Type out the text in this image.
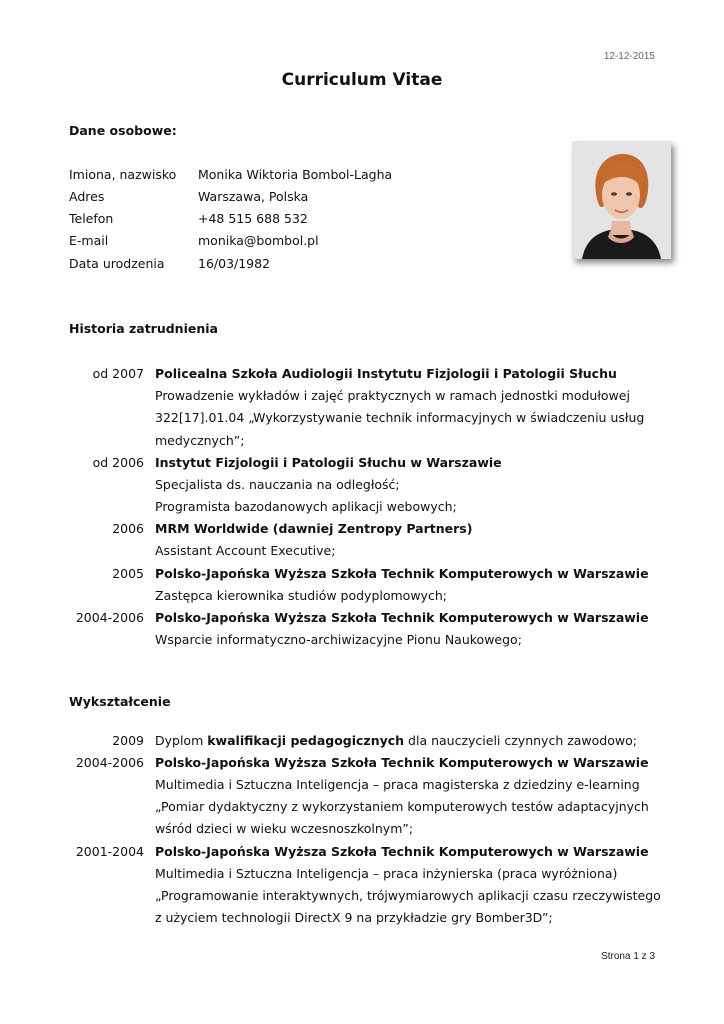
12-12-2015
Curriculum Vitae
Dane osobowe:
Imiona, nazwisko Monika Wiktoria Bombol-Lagha
Adres	Warszawa, Polska
Telefon	+48 515 688 532
E-mail	monika@bombol.pl
Data urodzenia	16/03/1982
Historia zatrudnienia
od 2007 Policealna Szkoła Audiologii Instytutu Fizjologii i Patologii Słuchu
Prowadzenie wykładów i zajęć praktycznych w ramach jednostki modułowej
322[17].01.04 „Wykorzystywanie technik informacyjnych w świadczeniu usług
medycznych”;
od 2006 Instytut Fizjologii i Patologii Słuchu w Warszawie
Specjalista ds. nauczania na odległość;
Programista bazodanowych aplikacji webowych;
2006 MRM Worldwide (dawniej Zentropy Partners)
Assistant Account Executive;
2005 Polsko-Japońska Wyższa Szkoła Technik Komputerowych w Warszawie
Zastępca kierownika studiów podyplomowych;
2004-2006 Polsko-Japońska Wyższa Szkoła Technik Komputerowych w Warszawie
Wsparcie informatyczno-archiwizacyjne Pionu Naukowego;
Wykształcenie
2009 Dyplom kwalifikacji pedagogicznych dla nauczycieli czynnych zawodowo;
2004-2006 Polsko-Japońska Wyższa Szkoła Technik Komputerowych w Warszawie
Multimedia i Sztuczna Inteligencja – praca magisterska z dziedziny e-learning
„Pomiar dydaktyczny z wykorzystaniem komputerowych testów adaptacyjnych
wśród dzieci w wieku wczesnoszkolnym”;
2001-2004 Polsko-Japońska Wyższa Szkoła Technik Komputerowych w Warszawie
Multimedia i Sztuczna Inteligencja – praca inżynierska (praca wyróżniona)
„Programowanie interaktywnych, trójwymiarowych aplikacji czasu rzeczywistego
z użyciem technologii DirectX 9 na przykładzie gry Bomber3D”;
Strona 1 z 3
